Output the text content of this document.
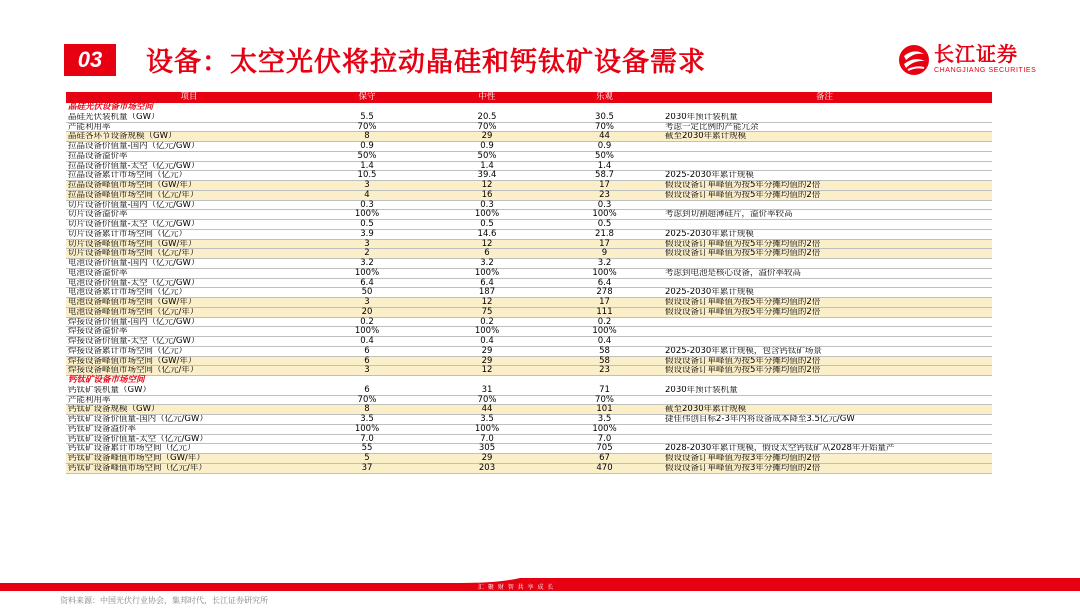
03	设备：太空光伏将拉动晶硅和钙钛矿设备需求	长江证券
CHANGJIANG SECURITIES
项目	保守	中性	乐观	备注
晶硅光伏设备市场空间
晶硅光伏装机量（GW）	5.5	20.5	30.5	2030年预计装机量
产能利用率	70%	70%	70%	考虑一定比例的产能冗余
晶硅各环节设备规模（GW）	8	29	44	截至2030年累计规模
拉晶设备价值量-国内（亿元/GW）	0.9	0.9	0.9
拉晶设备溢价率	50%	50%	50%
拉晶设备价值量-太空（亿元/GW）	1.4	1.4	1.4
拉晶设备累计市场空间（亿元）	10.5	39.4	58.7	2025-2030年累计规模
拉晶设备峰值市场空间（GW/年）	3	12	17	假设设备订单峰值为按5年分摊均值的2倍
拉晶设备峰值市场空间（亿元/年）	4	16	23	假设设备订单峰值为按5年分摊均值的2倍
切片设备价值量-国内（亿元/GW）	0.3	0.3	0.3
切片设备溢价率	100%	100%	100%	考虑到切割超薄硅片，溢价率较高
切片设备价值量-太空（亿元/GW）	0.5	0.5	0.5
切片设备累计市场空间（亿元）	3.9	14.6	21.8	2025-2030年累计规模
切片设备峰值市场空间（GW/年）	3	12	17	假设设备订单峰值为按5年分摊均值的2倍
切片设备峰值市场空间（亿元/年）	2	6	9	假设设备订单峰值为按5年分摊均值的2倍
电池设备价值量-国内（亿元/GW）	3.2	3.2	3.2
电池设备溢价率	100%	100%	100%	考虑到电池是核心设备，溢价率较高
电池设备价值量-太空（亿元/GW）	6.4	6.4	6.4
电池设备累计市场空间（亿元）	50	187	278	2025-2030年累计规模
电池设备峰值市场空间（GW/年）	3	12	17	假设设备订单峰值为按5年分摊均值的2倍
电池设备峰值市场空间（亿元/年）	20	75	111	假设设备订单峰值为按5年分摊均值的2倍
焊接设备价值量-国内（亿元/GW）	0.2	0.2	0.2
焊接设备溢价率	100%	100%	100%
焊接设备价值量-太空（亿元/GW）	0.4	0.4	0.4
焊接设备累计市场空间（亿元）	6	29	58	2025-2030年累计规模，包含钙钛矿场景
焊接设备峰值市场空间（GW/年）	6	29	58	假设设备订单峰值为按5年分摊均值的2倍
焊接设备峰值市场空间（亿元/年）	3	12	23	假设设备订单峰值为按5年分摊均值的2倍
钙钛矿设备市场空间
钙钛矿装机量（GW）	6	31	71	2030年预计装机量
产能利用率	70%	70%	70%
钙钛矿设备规模（GW）	8	44	101	截至2030年累计规模
钙钛矿设备价值量-国内（亿元/GW）	3.5	3.5	3.5	捷佳伟创目标2-3年内将设备成本降至3.5亿元/GW
钙钛矿设备溢价率	100%	100%	100%
钙钛矿设备价值量-太空（亿元/GW）	7.0	7.0	7.0
钙钛矿设备累计市场空间（亿元）	55	305	705	2028-2030年累计规模，假设太空钙钛矿从2028年开始量产
钙钛矿设备峰值市场空间（GW/年）	5	29	67	假设设备订单峰值为按3年分摊均值的2倍
钙钛矿设备峰值市场空间（亿元/年）	37	203	470	假设设备订单峰值为按3年分摊均值的2倍
汇 聚 财 智 共 享 成 长
资料来源：中国光伏行业协会，集邦时代，长江证券研究所
